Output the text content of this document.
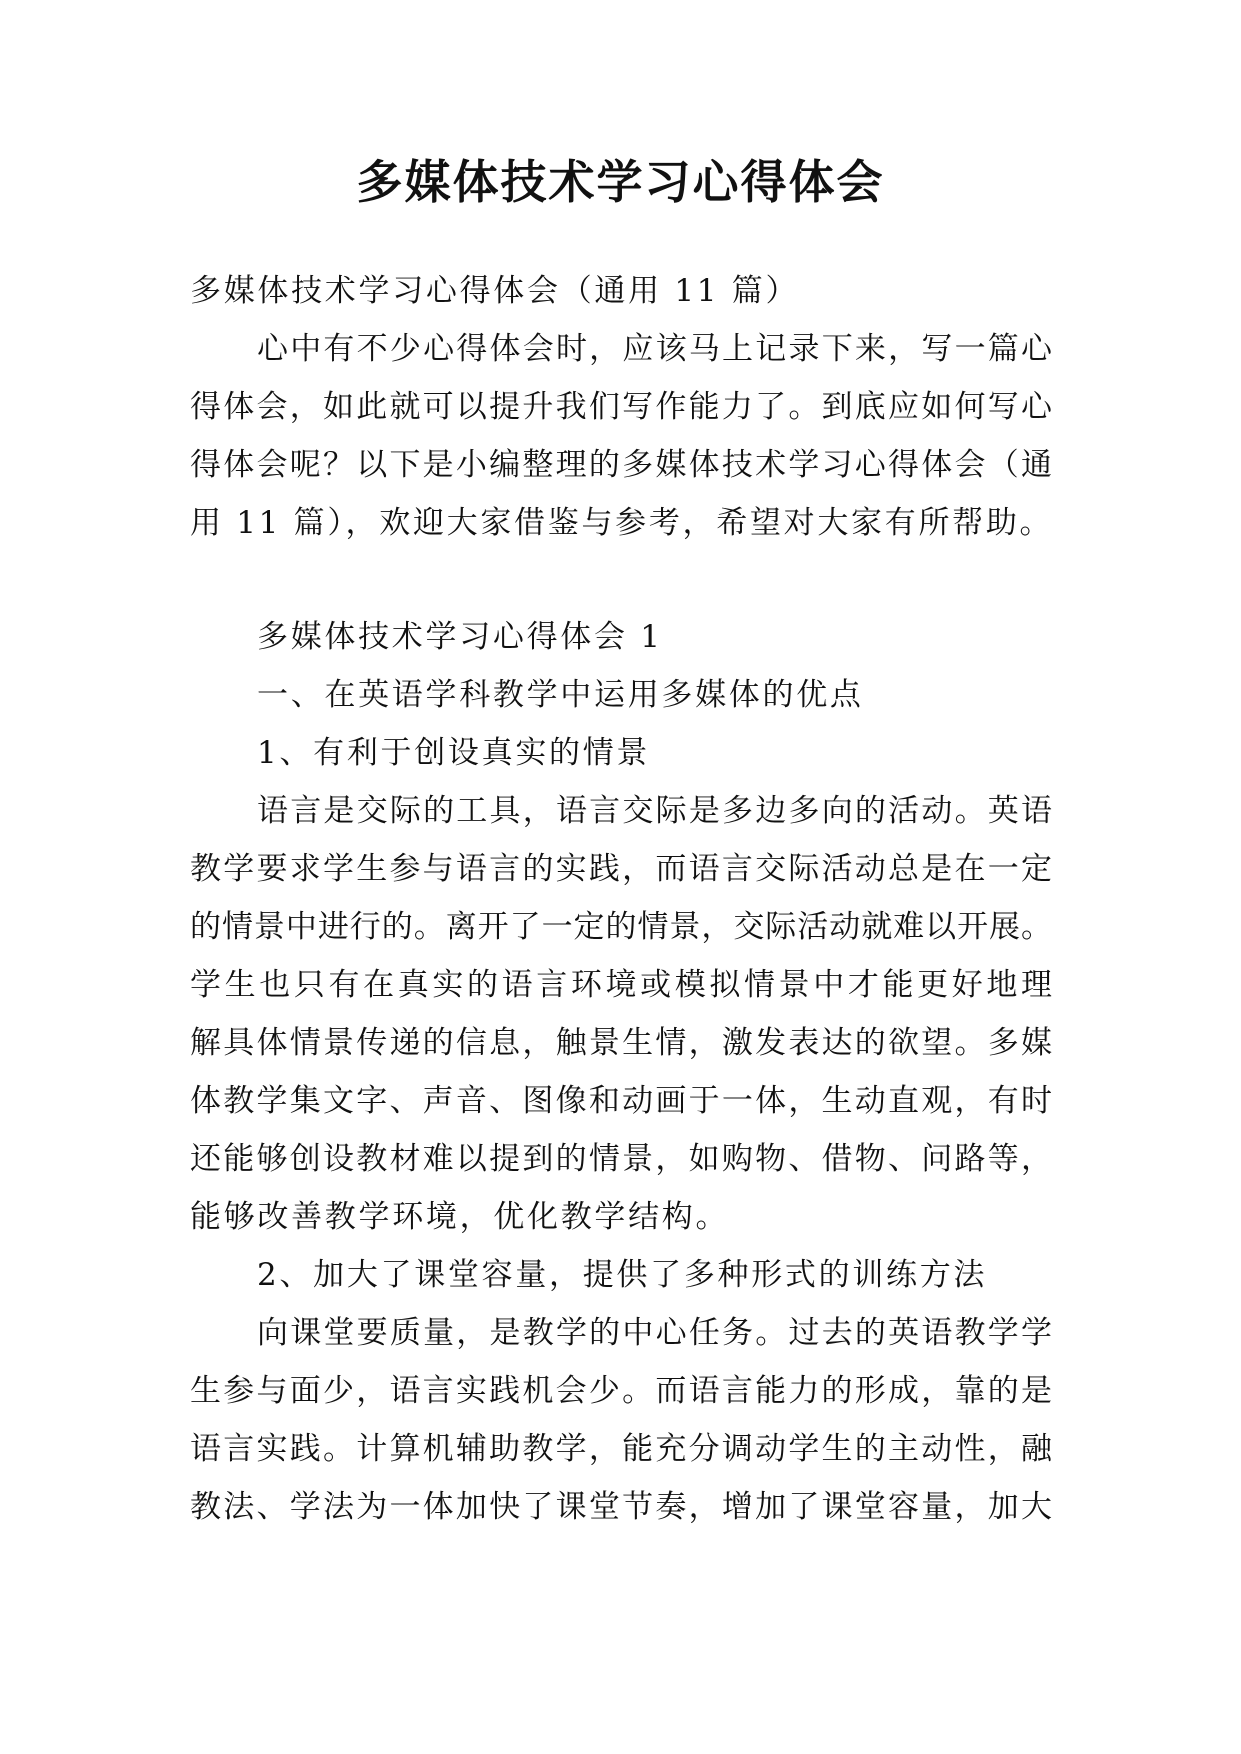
多媒体技术学习心得体会

多媒体技术学习心得体会（通用 11 篇）

心中有不少心得体会时，应该马上记录下来，写一篇心

得体会，如此就可以提升我们写作能力了。到底应如何写心

得体会呢？以下是小编整理的多媒体技术学习心得体会（通

用 11 篇），欢迎大家借鉴与参考，希望对大家有所帮助。

多媒体技术学习心得体会 1

一、在英语学科教学中运用多媒体的优点

1、有利于创设真实的情景

语言是交际的工具，语言交际是多边多向的活动。英语

教学要求学生参与语言的实践，而语言交际活动总是在一定

的情景中进行的。离开了一定的情景，交际活动就难以开展。

学生也只有在真实的语言环境或模拟情景中才能更好地理

解具体情景传递的信息，触景生情，激发表达的欲望。多媒

体教学集文字、声音、图像和动画于一体，生动直观，有时

还能够创设教材难以提到的情景，如购物、借物、问路等，

能够改善教学环境，优化教学结构。

2、加大了课堂容量，提供了多种形式的训练方法

向课堂要质量，是教学的中心任务。过去的英语教学学

生参与面少，语言实践机会少。而语言能力的形成，靠的是

语言实践。计算机辅助教学，能充分调动学生的主动性，融

教法、学法为一体加快了课堂节奏，增加了课堂容量，加大
